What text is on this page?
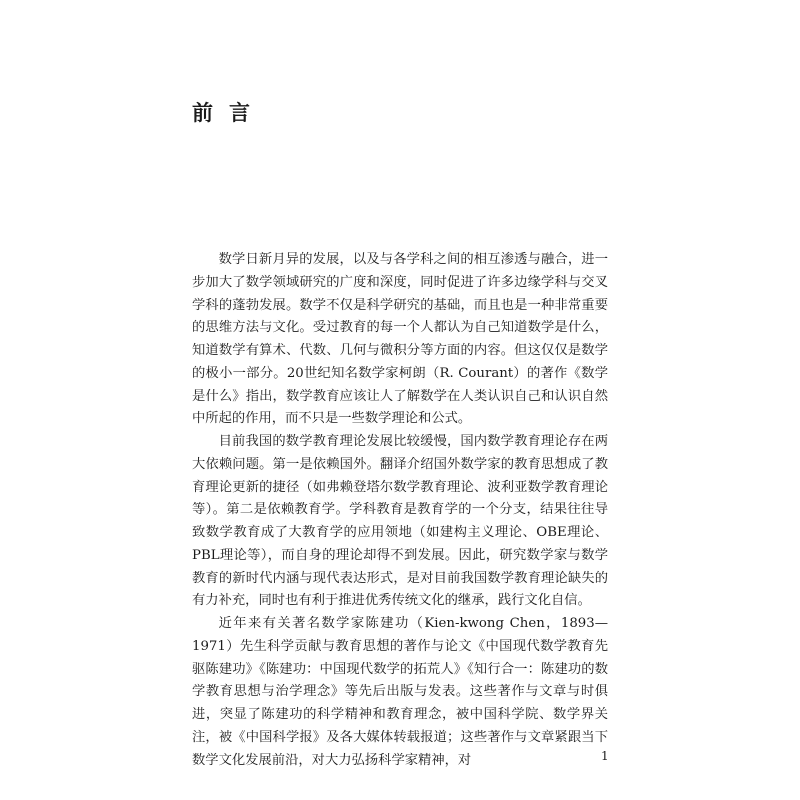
前言

数学日新月异的发展，以及与各学科之间的相互渗透与融合，进一步加大了数学领域研究的广度和深度，同时促进了许多边缘学科与交叉学科的蓬勃发展。数学不仅是科学研究的基础，而且也是一种非常重要的思维方法与文化。受过教育的每一个人都认为自己知道数学是什么，知道数学有算术、代数、几何与微积分等方面的内容。但这仅仅是数学的极小一部分。20世纪知名数学家柯朗（R. Courant）的著作《数学是什么》指出，数学教育应该让人了解数学在人类认识自己和认识自然中所起的作用，而不只是一些数学理论和公式。

目前我国的数学教育理论发展比较缓慢，国内数学教育理论存在两大依赖问题。第一是依赖国外。翻译介绍国外数学家的教育思想成了教育理论更新的捷径（如弗赖登塔尔数学教育理论、波利亚数学教育理论等）。第二是依赖教育学。学科教育是教育学的一个分支，结果往往导致数学教育成了大教育学的应用领地（如建构主义理论、OBE理论、PBL理论等），而自身的理论却得不到发展。因此，研究数学家与数学教育的新时代内涵与现代表达形式，是对目前我国数学教育理论缺失的有力补充，同时也有利于推进优秀传统文化的继承，践行文化自信。

近年来有关著名数学家陈建功（Kien-kwong Chen，1893—1971）先生科学贡献与教育思想的著作与论文《中国现代数学教育先驱陈建功》《陈建功：中国现代数学的拓荒人》《知行合一：陈建功的数学教育思想与治学理念》等先后出版与发表。这些著作与文章与时俱进，突显了陈建功的科学精神和教育理念，被中国科学院、数学界关注，被《中国科学报》及各大媒体转载报道；这些著作与文章紧跟当下数学文化发展前沿，对大力弘扬科学家精神，对	1
